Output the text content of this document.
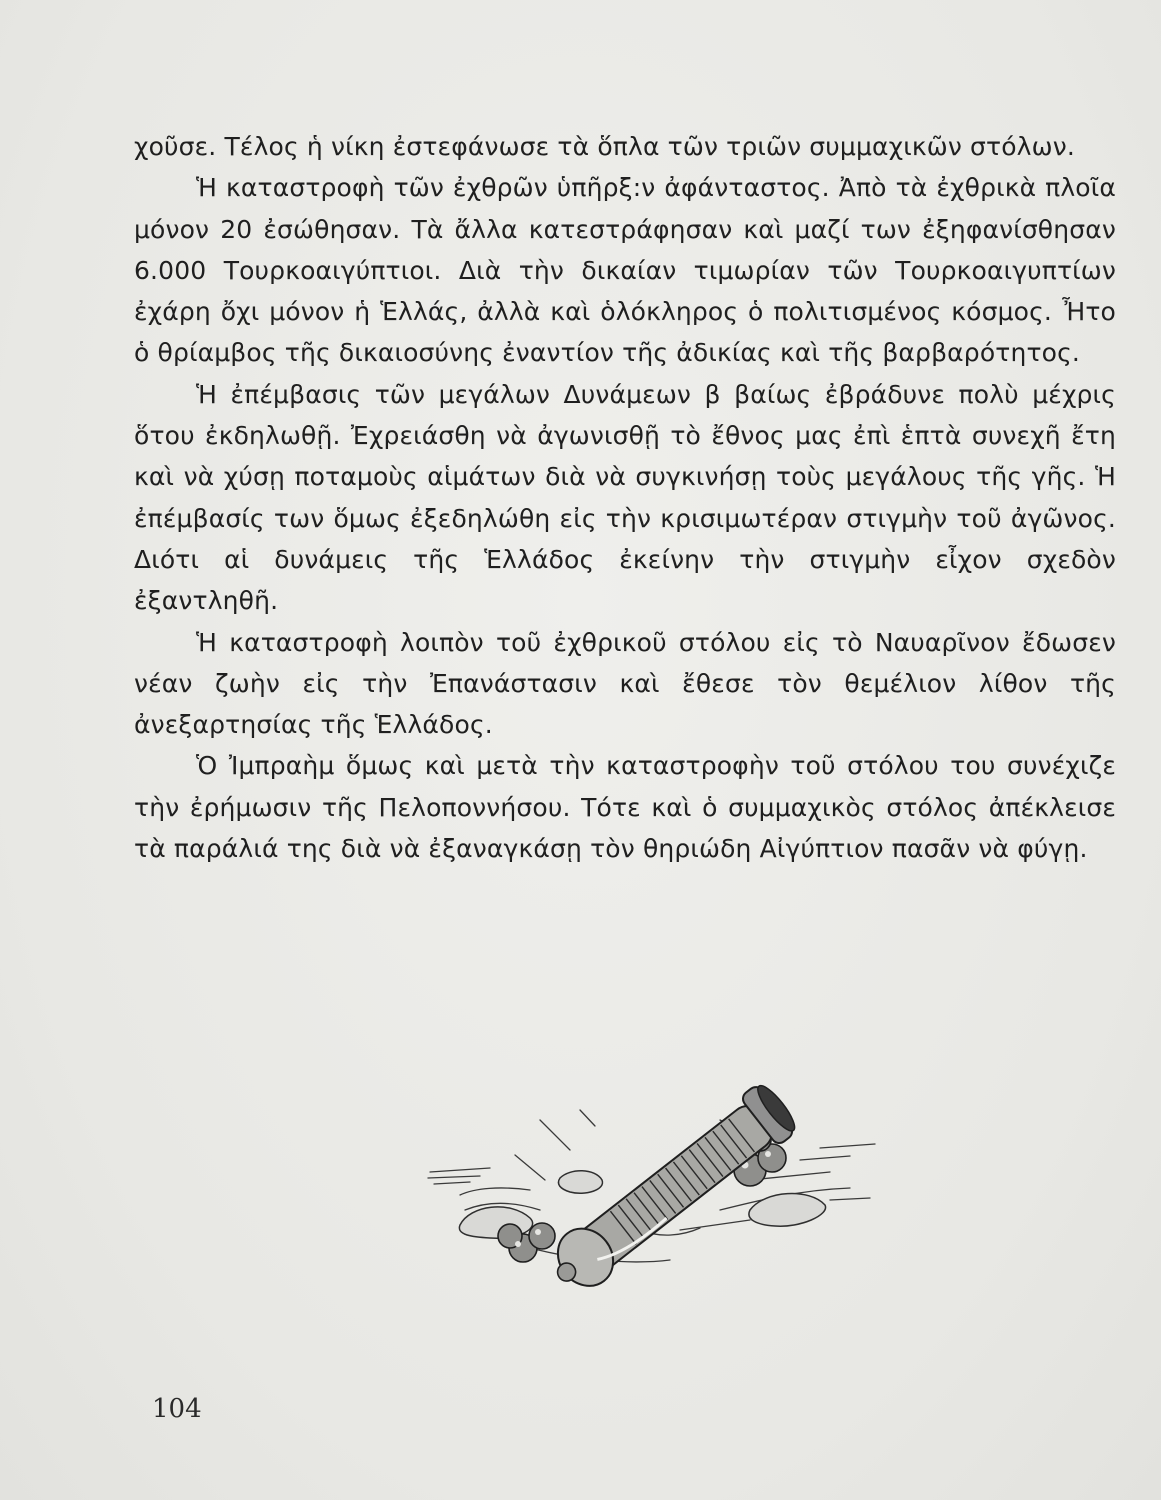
χοῦσε. Τέλος ἡ νίκη ἐστεφάνωσε τὰ ὅπλα τῶν τριῶν συμμαχικῶν στόλων.

Ἡ καταστροφὴ τῶν ἐχθρῶν ὑπῆρξ:ν ἀφάνταστος. Ἀπὸ τὰ ἐχθρικὰ πλοῖα μόνον 20 ἐσώθησαν. Τὰ ἄλλα κατεστράφησαν καὶ μαζί των ἐξηφανίσθησαν 6.000 Τουρκοαιγύπτιοι. Διὰ τὴν δικαίαν τιμωρίαν τῶν Τουρκοαιγυπτίων ἐχάρη ὄχι μόνον ἡ Ἑλλάς, ἀλλὰ καὶ ὁλόκληρος ὁ πολιτισμένος κόσμος. Ἦτο ὁ θρίαμβος τῆς δικαιοσύνης ἐναντίον τῆς ἀδικίας καὶ τῆς βαρβαρότητος.

Ἡ ἐπέμβασις τῶν μεγάλων Δυνάμεων β βαίως ἐβράδυνε πολὺ μέχρις ὅτου ἐκδηλωθῇ. Ἐχρειάσθη νὰ ἀγωνισθῇ τὸ ἔθνος μας ἐπὶ ἑπτὰ συνεχῆ ἔτη καὶ νὰ χύσῃ ποταμοὺς αἱμάτων διὰ νὰ συγκινήσῃ τοὺς μεγάλους τῆς γῆς. Ἡ ἐπέμβασίς των ὅμως ἐξεδηλώθη εἰς τὴν κρισιμωτέραν στιγμὴν τοῦ ἀγῶνος. Διότι αἱ δυνάμεις τῆς Ἑλλάδος ἐκείνην τὴν στιγμὴν εἶχον σχεδὸν ἐξαντληθῆ.

Ἡ καταστροφὴ λοιπὸν τοῦ ἐχθρικοῦ στόλου εἰς τὸ Ναυαρῖνον ἔδωσεν νέαν ζωὴν εἰς τὴν Ἐπανάστασιν καὶ ἔθεσε τὸν θεμέλιον λίθον τῆς ἀνεξαρτησίας τῆς Ἑλλάδος.

Ὁ Ἰμπραὴμ ὅμως καὶ μετὰ τὴν καταστροφὴν τοῦ στόλου του συνέχιζε τὴν ἐρήμωσιν τῆς Πελοποννήσου. Τότε καὶ ὁ συμμαχικὸς στόλος ἀπέκλεισε τὰ παράλιά της διὰ νὰ ἐξαναγκάσῃ τὸν θηριώδη Αἰγύπτιον πασᾶν νὰ φύγῃ.

104
